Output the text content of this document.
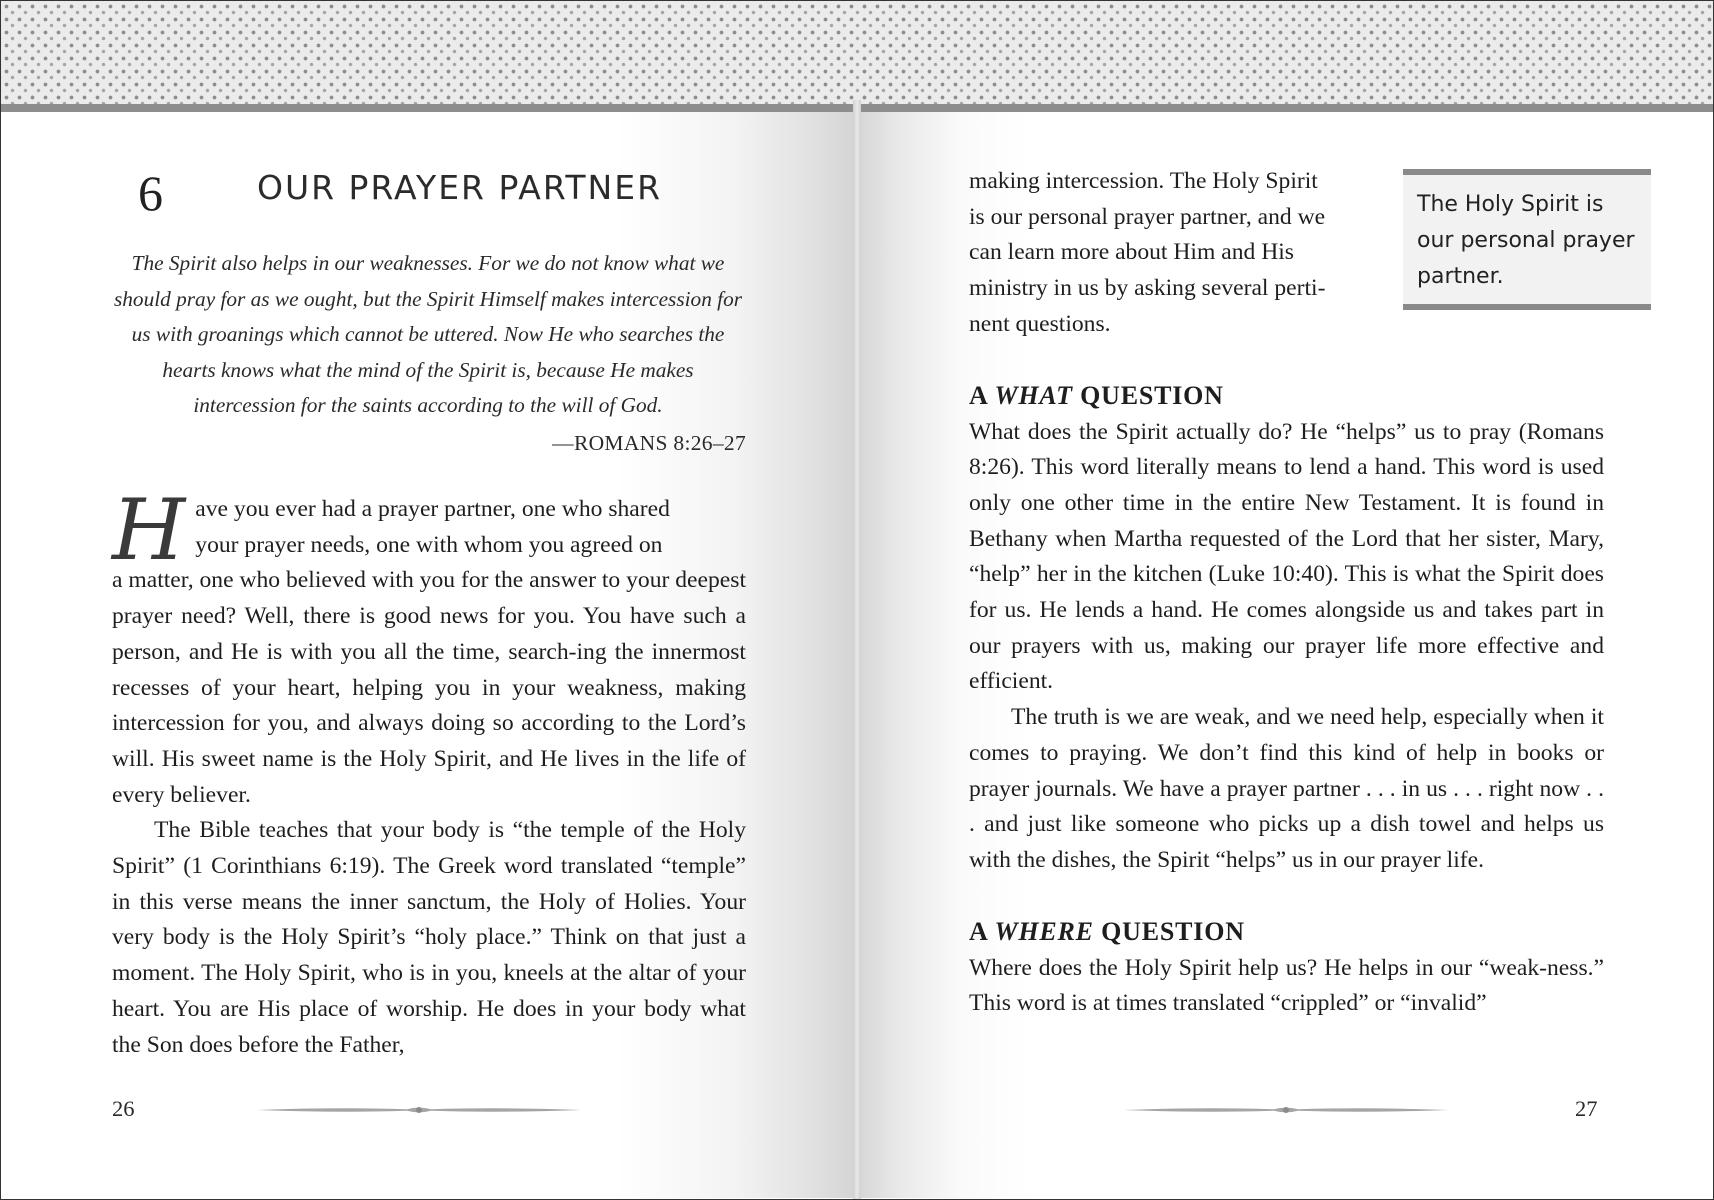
6	OUR PRAYER PARTNER
The Spirit also helps in our weaknesses. For we do not know what we should pray for as we ought, but the Spirit Himself makes intercession for us with groanings which cannot be uttered. Now He who searches the hearts knows what the mind of the Spirit is, because He makes intercession for the saints according to the will of God.
—ROMANS 8:26–27

H ave you ever had a prayer partner, one who shared
your prayer needs, one with whom you agreed on
a matter, one who believed with you for the answer to your deepest prayer need? Well, there is good news for you. You have such a person, and He is with you all the time, search-ing the innermost recesses of your heart, helping you in your weakness, making intercession for you, and always doing so according to the Lord’s will. His sweet name is the Holy Spirit, and He lives in the life of every believer.

The Bible teaches that your body is “the temple of the Holy Spirit” (1 Corinthians 6:19). The Greek word translated “temple” in this verse means the inner sanctum, the Holy of Holies. Your very body is the Holy Spirit’s “holy place.” Think on that just a moment. The Holy Spirit, who is in you, kneels at the altar of your heart. You are His place of worship. He does in your body what the Son does before the Father,

26

making intercession. The Holy Spirit
is our personal prayer partner, and we
can learn more about Him and His
ministry in us by asking several perti-
nent questions.

A WHAT QUESTION

What does the Spirit actually do? He “helps” us to pray (Romans 8:26). This word literally means to lend a hand. This word is used only one other time in the entire New Testament. It is found in Bethany when Martha requested of the Lord that her sister, Mary, “help” her in the kitchen (Luke 10:40). This is what the Spirit does for us. He lends a hand. He comes alongside us and takes part in our prayers with us, making our prayer life more effective and efficient.

The truth is we are weak, and we need help, especially when it comes to praying. We don’t find this kind of help in books or prayer journals. We have a prayer partner . . . in us . . . right now . . . and just like someone who picks up a dish towel and helps us with the dishes, the Spirit “helps” us in our prayer life.

A WHERE QUESTION

Where does the Holy Spirit help us? He helps in our “weak-ness.” This word is at times translated “crippled” or “invalid”

The Holy Spirit is our personal prayer partner.
27
